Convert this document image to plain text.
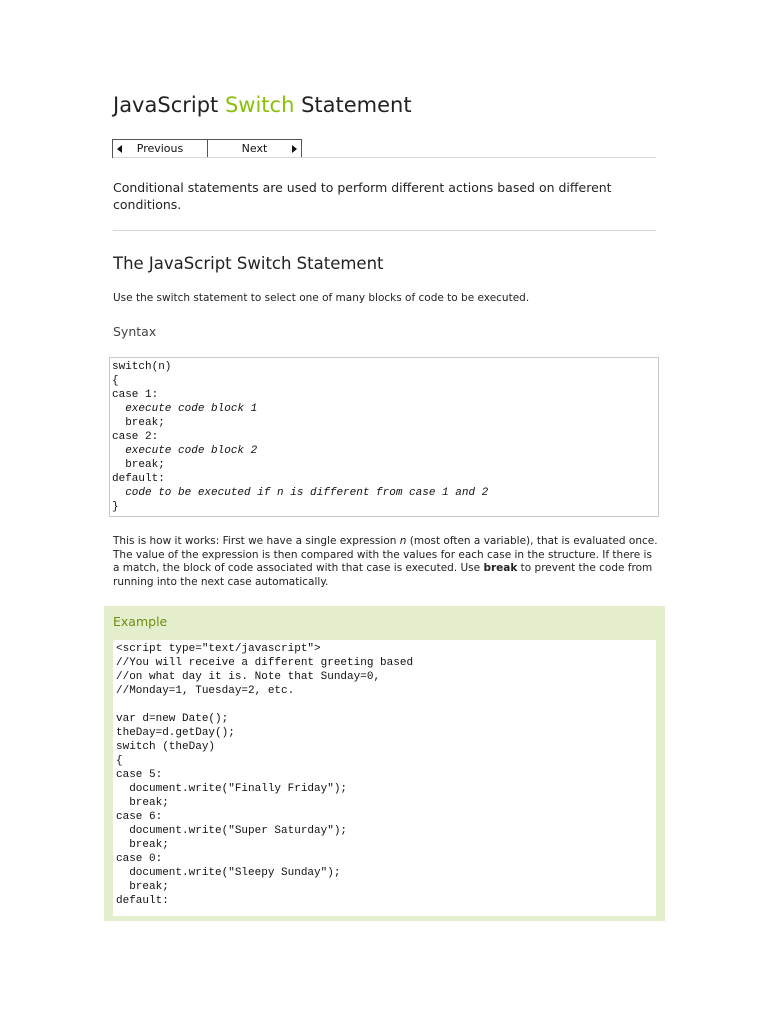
JavaScript Switch Statement
Previous	Next

Conditional statements are used to perform different actions based on different conditions.

The JavaScript Switch Statement

Use the switch statement to select one of many blocks of code to be executed.

Syntax
switch(n)
{
case 1:
execute code block 1
break;
case 2:
execute code block 2
break;
default:
code to be executed if n is different from case 1 and 2
}

This is how it works: First we have a single expression n (most often a variable), that is evaluated once. The value of the expression is then compared with the values for each case in the structure. If there is a match, the block of code associated with that case is executed. Use break to prevent the code from running into the next case automatically.

Example
<script type="text/javascript">
//You will receive a different greeting based
//on what day it is. Note that Sunday=0,
//Monday=1, Tuesday=2, etc.

var d=new Date();
theDay=d.getDay();
switch (theDay)
{
case 5:
document.write("Finally Friday");
break;
case 6:
document.write("Super Saturday");
break;
case 0:
document.write("Sleepy Sunday");
break;
default:
